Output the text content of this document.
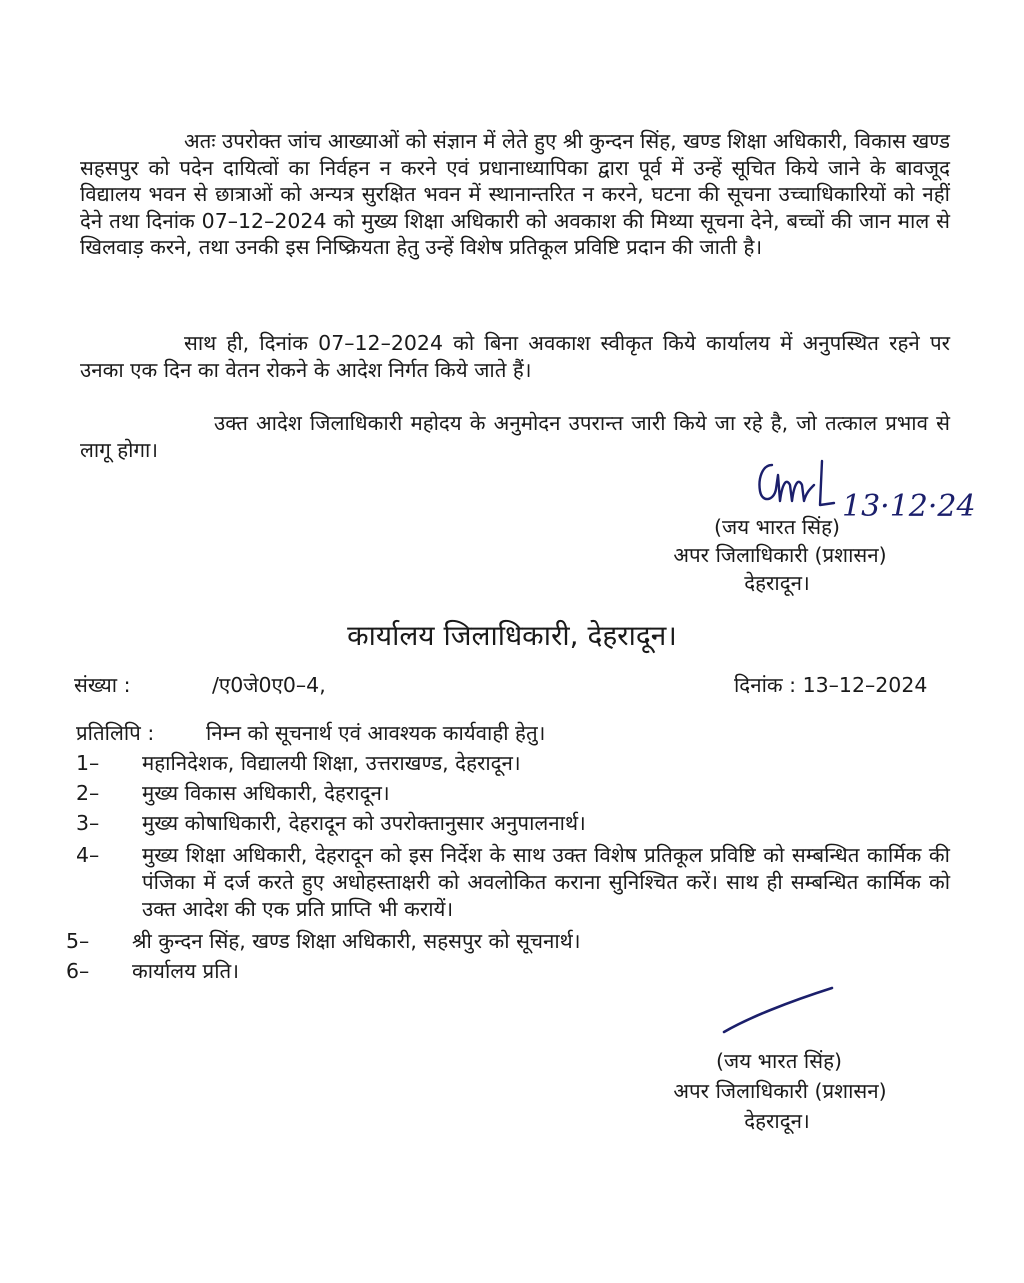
अतः उपरोक्त जांच आख्याओं को संज्ञान में लेते हुए श्री कुन्दन सिंह, खण्ड शिक्षा अधिकारी, विकास खण्ड सहसपुर को पदेन दायित्वों का निर्वहन न करने एवं प्रधानाध्यापिका द्वारा पूर्व में उन्हें सूचित किये जाने के बावजूद विद्यालय भवन से छात्राओं को अन्यत्र सुरक्षित भवन में स्थानान्तरित न करने, घटना की सूचना उच्चाधिकारियों को नहीं देने तथा दिनांक 07–12–2024 को मुख्य शिक्षा अधिकारी को अवकाश की मिथ्या सूचना देने, बच्चों की जान माल से खिलवाड़ करने, तथा उनकी इस निष्क्रियता हेतु उन्हें विशेष प्रतिकूल प्रविष्टि प्रदान की जाती है।
साथ ही, दिनांक 07–12–2024 को बिना अवकाश स्वीकृत किये कार्यालय में अनुपस्थित रहने पर उनका एक दिन का वेतन रोकने के आदेश निर्गत किये जाते हैं।
उक्त आदेश जिलाधिकारी महोदय के अनुमोदन उपरान्त जारी किये जा रहे है, जो तत्काल प्रभाव से लागू होगा।
13·12·24
(जय भारत सिंह)
अपर जिलाधिकारी (प्रशासन)
देहरादून।
कार्यालय जिलाधिकारी, देहरादून।
संख्या :	/ए0जे0ए0–4,	दिनांक : 13–12–2024
प्रतिलिपि :	निम्न को सूचनार्थ एवं आवश्यक कार्यवाही हेतु।
1– महानिदेशक, विद्यालयी शिक्षा, उत्तराखण्ड, देहरादून।
2– मुख्य विकास अधिकारी, देहरादून।
3– मुख्य कोषाधिकारी, देहरादून को उपरोक्तानुसार अनुपालनार्थ।
4– मुख्य शिक्षा अधिकारी, देहरादून को इस निर्देश के साथ उक्त विशेष प्रतिकूल प्रविष्टि को सम्बन्धित कार्मिक की पंजिका में दर्ज करते हुए अधोहस्ताक्षरी को अवलोकित कराना सुनिश्चित करें। साथ ही सम्बन्धित कार्मिक को उक्त आदेश की एक प्रति प्राप्ति भी करायें।
5– श्री कुन्दन सिंह, खण्ड शिक्षा अधिकारी, सहसपुर को सूचनार्थ।
6– कार्यालय प्रति।
(जय भारत सिंह)
अपर जिलाधिकारी (प्रशासन)
देहरादून।
